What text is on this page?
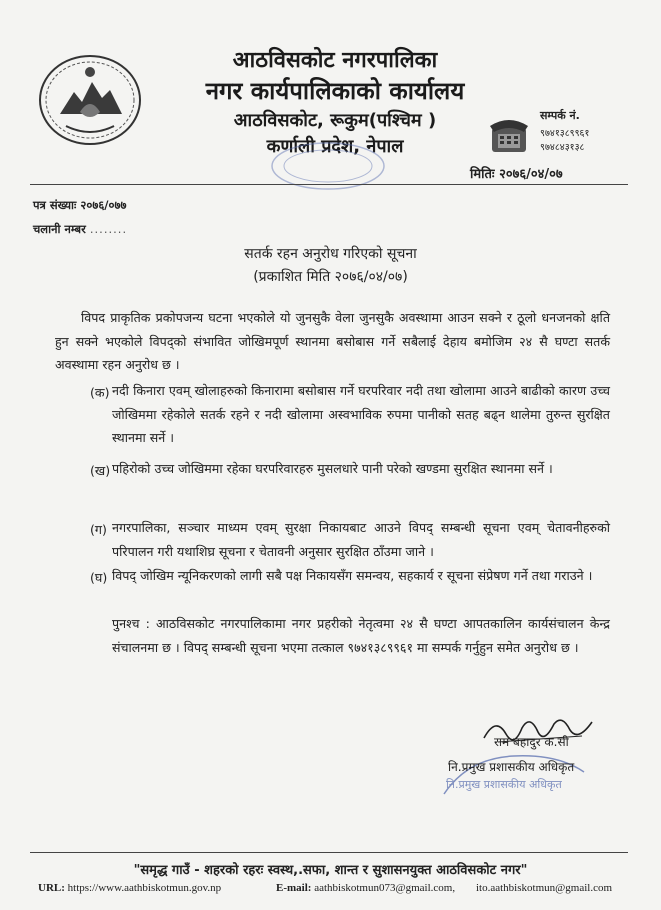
आठविसकोट नगरपालिका
नगर कार्यपालिकाको कार्यालय
आठविसकोट, रूकुम(पश्चिम )
कर्णाली प्रदेश, नेपाल
सम्पर्क नं.
९७४१३८९९६१
९७४८४३१३८
मितिः २०७६/०४/०७
पत्र संख्याः २०७६/०७७
चलानी नम्बर ........
सतर्क रहन अनुरोध गरिएको सूचना
(प्रकाशित मिति २०७६/०४/०७)
विपद प्राकृतिक प्रकोपजन्य घटना भएकोले यो जुनसुकै वेला जुनसुकै अवस्थामा आउन सक्ने र ठूलो धनजनको क्षति हुन सक्ने भएकोले विपद्को संभावित जोखिमपूर्ण स्थानमा बसोबास गर्ने सबैलाई देहाय बमोजिम २४ सै घण्टा सतर्क अवस्थामा रहन अनुरोध छ ।
(क) नदी किनारा एवम् खोलाहरुको किनारामा बसोबास गर्ने घरपरिवार नदी तथा खोलामा आउने बाढीको कारण उच्च जोखिममा रहेकोले सतर्क रहने र नदी खोलामा अस्वभाविक रुपमा पानीको सतह बढ्न थालेमा तुरुन्त सुरक्षित स्थानमा सर्ने ।
(ख) पहिरोको उच्च जोखिममा रहेका घरपरिवारहरु मुसलधारे पानी परेको खण्डमा सुरक्षित स्थानमा सर्ने ।
(ग) नगरपालिका, सञ्चार माध्यम एवम् सुरक्षा निकायबाट आउने विपद् सम्बन्धी सूचना एवम् चेतावनीहरुको परिपालन गरी यथाशिघ्र सूचना र चेतावनी अनुसार सुरक्षित ठाँउमा जाने ।
(घ) विपद् जोखिम न्यूनिकरणको लागी सबै पक्ष निकायसँग समन्वय, सहकार्य र सूचना संप्रेषण गर्ने तथा गराउने ।
पुनश्च : आठविसकोट नगरपालिकामा नगर प्रहरीको नेतृत्वमा २४ सै घण्टा आपतकालिन कार्यसंचालन केन्द्र संचालनमा छ । विपद् सम्बन्धी सूचना भएमा तत्काल ९७४१३८९९६१ मा सम्पर्क गर्नुहुन समेत अनुरोध छ ।
नि.प्रमुख प्रशासकीय अधिकृत
राम बहादुर क.सी
नि.प्रमुख प्रशासकीय अधिकृत
"समृद्ध गाउँ - शहरको रहरः स्वस्थ,.सफा, शान्त र सुशासनयुक्त आठविसकोट नगर"
URL: https://www.aathbiskotmun.gov.np	E-mail: aathbiskotmun073@gmail.com, ito.aathbiskotmun@gmail.com
